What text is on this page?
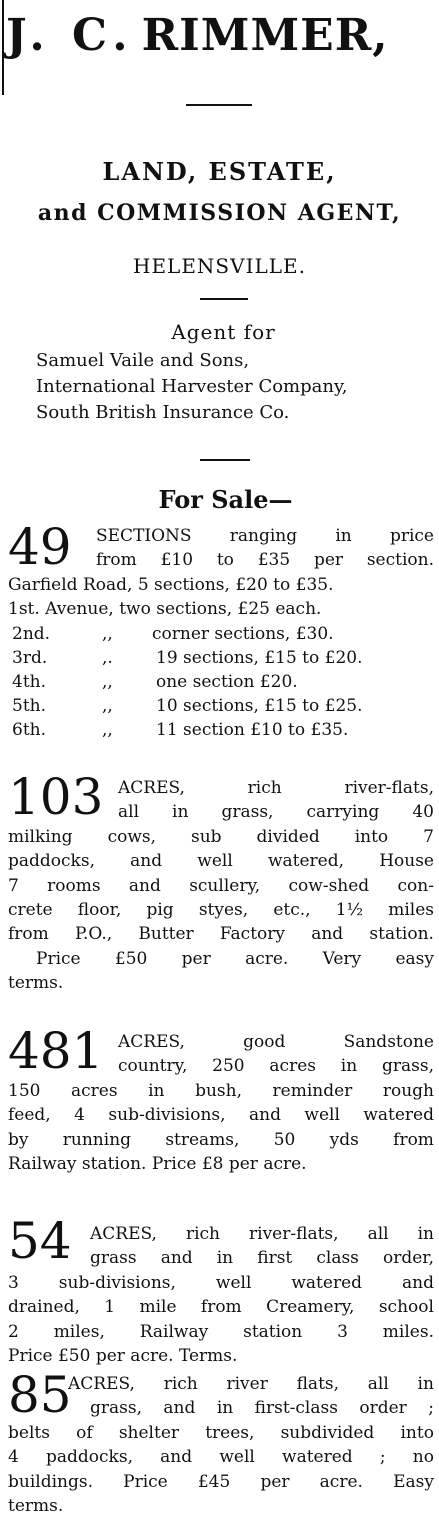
J. C. RIMMER,
LAND, ESTATE,
and COMMISSION AGENT,
HELENSVILLE.
Agent for
Samuel Vaile and Sons,
International Harvester Company,
South British Insurance Co.
For Sale—
49 SECTIONS ranging in price
from £10 to £35 per section.
Garfield Road, 5 sections, £20 to £35.
1st. Avenue, two sections, £25 each.
2nd.	,, corner sections, £30.
3rd.	,.	19 sections, £15 to £20.
4th.	,,	one section £20.
5th.	,,	10 sections, £15 to £25.
6th.	,,	11 section £10 to £35.
103 ACRES,	rich	river-flats,
all in grass, carrying 40
milking cows, sub divided into 7
paddocks, and well watered, House
7 rooms and scullery, cow-shed con-
crete floor, pig styes, etc., 1½ miles
from P.O., Butter Factory and station.
Price £50 per acre. Very easy
terms.
481 ACRES,	good	Sandstone
country, 250 acres in grass,
150 acres in bush, reminder rough
feed, 4 sub-divisions, and well watered
by running streams, 50 yds from
Railway station. Price £8 per acre.
54 ACRES, rich river-flats, all in
grass and in first class order,
3 sub-divisions, well watered and
drained, 1 mile from Creamery, school
2 miles, Railway station 3 miles.
Price £50 per acre. Terms.
85
ACRES, rich river flats, all in
grass, and in first-class order ;
belts of shelter trees, subdivided into
4 paddocks, and well watered ; no
buildings. Price £45 per acre. Easy
terms.
